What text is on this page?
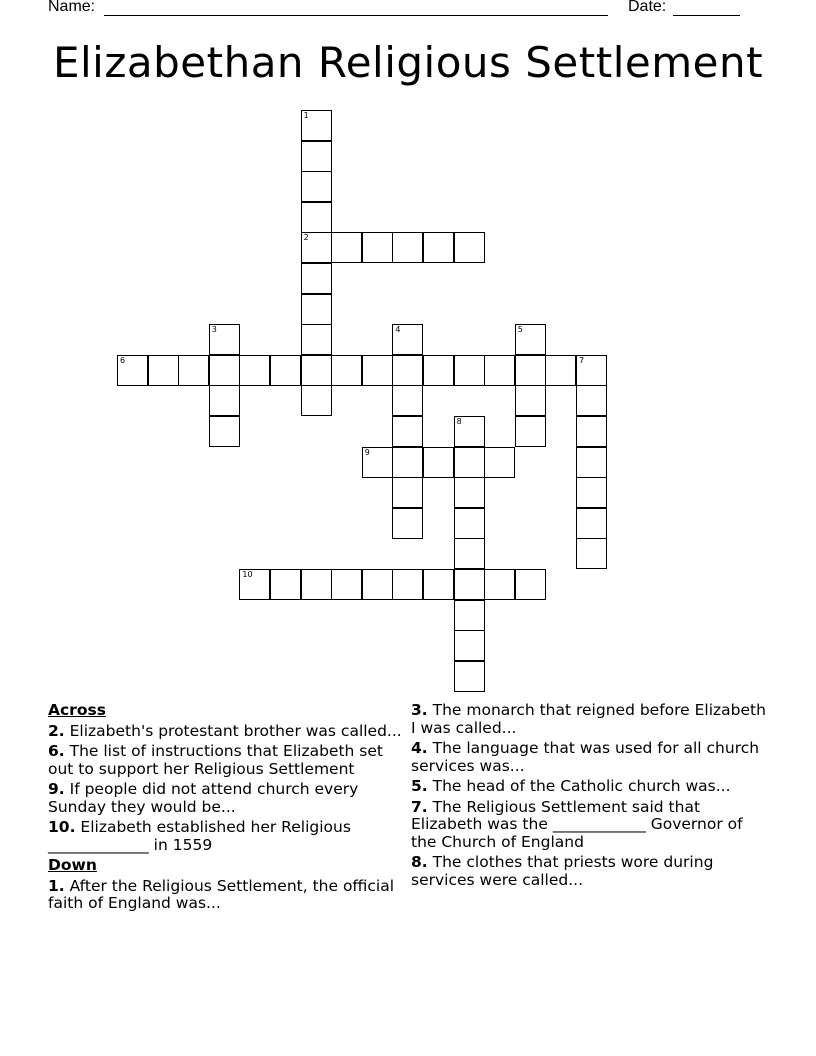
Name:	Date:
Elizabethan Religious Settlement
1
2
3	4	5
6	7
8
9
10
Across
2. Elizabeth's protestant brother was called...
6. The list of instructions that Elizabeth set out to support her Religious Settlement
9. If people did not attend church every Sunday they would be...
10. Elizabeth established her Religious _____________ in 1559
Down
1. After the Religious Settlement, the official faith of England was...
3. The monarch that reigned before Elizabeth I was called...
4. The language that was used for all church services was...
5. The head of the Catholic church was...
7. The Religious Settlement said that Elizabeth was the ____________ Governor of the Church of England
8. The clothes that priests wore during services were called...
